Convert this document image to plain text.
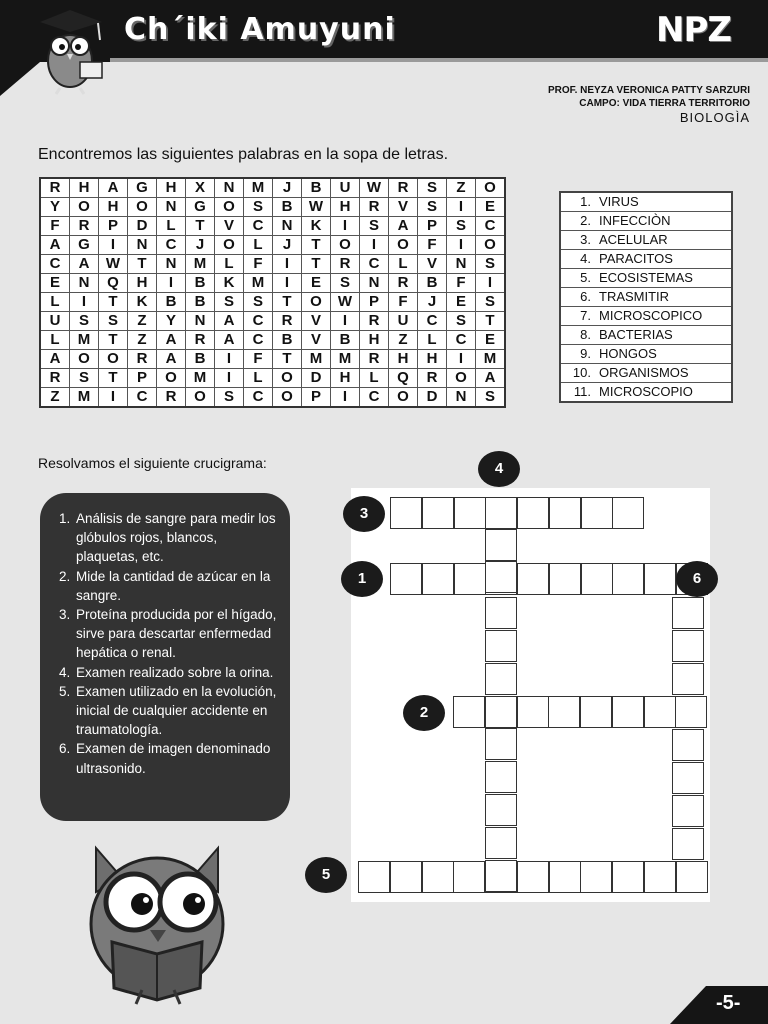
Ch´iki Amuyuni	NPZ
PROF. NEYZA VERONICA PATTY SARZURI
CAMPO: VIDA TIERRA TERRITORIO
BIOLOGÌA
Encontremos las siguientes palabras en la sopa de letras.
R	H	A	G	H	X	N	M	J	B	U	W	R	S	Z	O
Y	O	H	O	N	G	O	S	B	W	H	R	V	S	I	E
F	R	P	D	L	T	V	C	N	K	I	S	A	P	S	C
A	G	I	N	C	J	O	L	J	T	O	I	O	F	I	O
C	A	W	T	N	M	L	F	I	T	R	C	L	V	N	S
E	N	Q	H	I	B	K	M	I	E	S	N	R	B	F	I
L	I	T	K	B	B	S	S	T	O	W	P	F	J	E	S
U	S	S	Z	Y	N	A	C	R	V	I	R	U	C	S	T
L	M	T	Z	A	R	A	C	B	V	B	H	Z	L	C	E
A	O	O	R	A	B	I	F	T	M	M	R	H	H	I	M
R	S	T	P	O	M	I	L	O	D	H	L	Q	R	O	A
Z	M	I	C	R	O	S	C	O	P	I	C	O	D	N	S
1. VIRUS
2. INFECCIÒN
3. ACELULAR
4. PARACITOS
5. ECOSISTEMAS
6. TRASMITIR
7. MICROSCOPICO
8. BACTERIAS
9. HONGOS
10. ORGANISMOS
11. MICROSCOPIO
Resolvamos el siguiente crucigrama:
1. Análisis de sangre para medir los glóbulos rojos, blancos, plaquetas, etc.
2. Mide la cantidad de azúcar en la sangre.
3. Proteína producida por el hígado, sirve para descartar enfermedad hepática o renal.
4. Examen realizado sobre la orina.
5. Examen utilizado en la evolución, inicial de cualquier accidente en traumatología.
6. Examen de imagen denominado ultrasonido.
4
3
1	6
2
5
-5-
